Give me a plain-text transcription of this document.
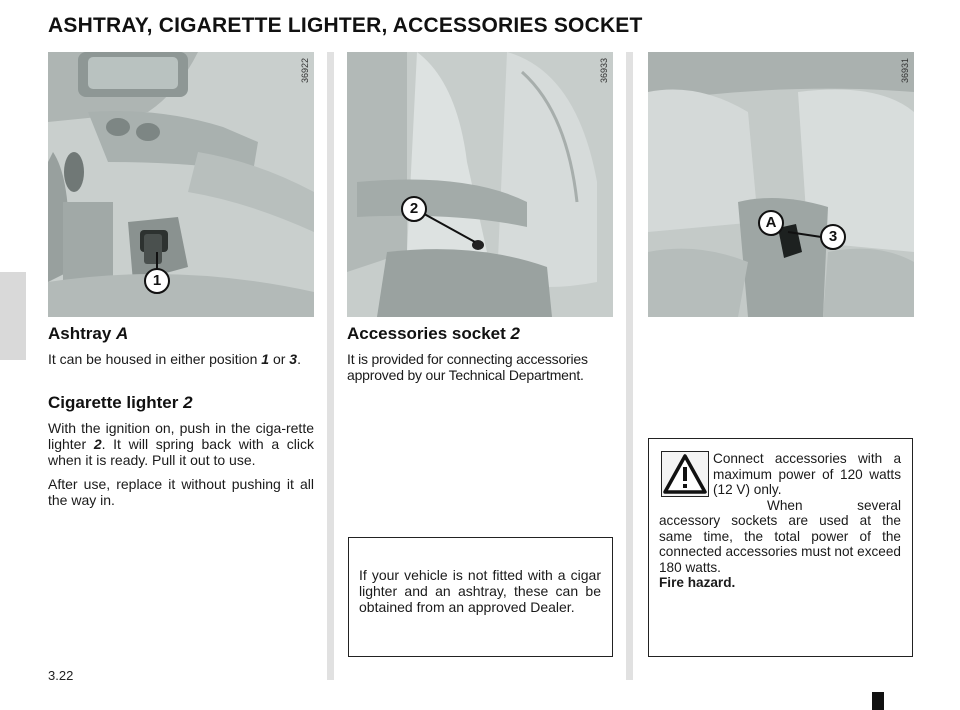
ASHTRAY, CIGARETTE LIGHTER, ACCESSORIES SOCKET
36922
1
36933
2
36931
A
3
Ashtray A

It can be housed in either position 1 or 3.

Cigarette lighter 2

With the ignition on, push in the ciga-rette lighter 2. It will spring back with a click when it is ready. Pull it out to use.

After use, replace it without pushing it all the way in.

Accessories socket 2

It is provided for connecting accessories approved by our Technical Department.

If your vehicle is not fitted with a cigar lighter and an ashtray, these can be obtained from an approved Dealer.

Connect accessories with a maximum power of 120 watts (12 V) only.

When several accessory sockets are used at the same time, the total power of the connected accessories must not exceed 180 watts.

Fire hazard.

3.22
